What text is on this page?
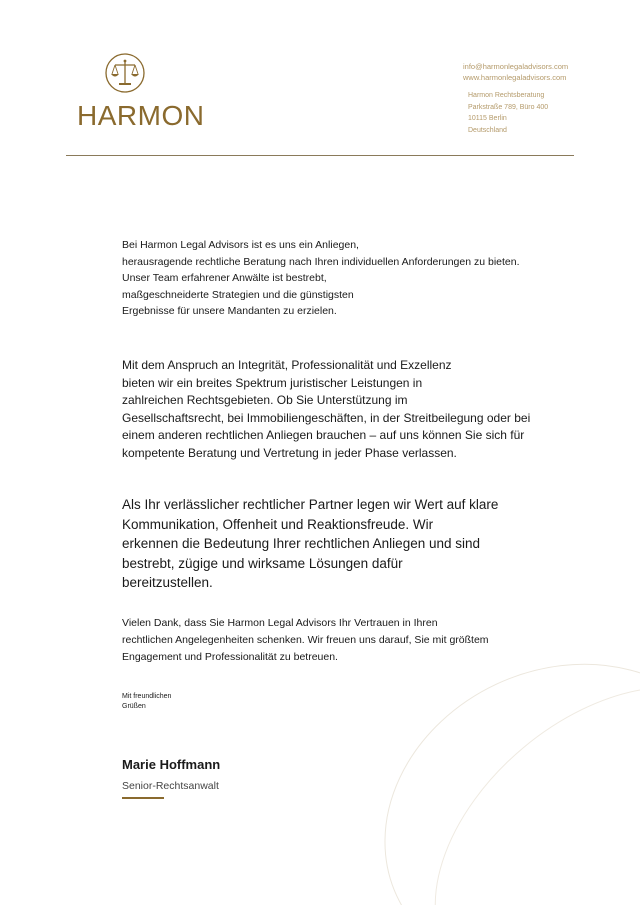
HARMON
info@harmonlegaladvisors.com
www.harmonlegaladvisors.com
Harmon Rechtsberatung
Parkstraße 789, Büro 400
10115 Berlin
Deutschland
Bei Harmon Legal Advisors ist es uns ein Anliegen,
herausragende rechtliche Beratung nach Ihren individuellen Anforderungen zu bieten.
Unser Team erfahrener Anwälte ist bestrebt,
maßgeschneiderte Strategien und die günstigsten
Ergebnisse für unsere Mandanten zu erzielen.
Mit dem Anspruch an Integrität, Professionalität und Exzellenz
bieten wir ein breites Spektrum juristischer Leistungen in
zahlreichen Rechtsgebieten. Ob Sie Unterstützung im
Gesellschaftsrecht, bei Immobiliengeschäften, in der Streitbeilegung oder bei
einem anderen rechtlichen Anliegen brauchen – auf uns können Sie sich für
kompetente Beratung und Vertretung in jeder Phase verlassen.
Als Ihr verlässlicher rechtlicher Partner legen wir Wert auf klare
Kommunikation, Offenheit und Reaktionsfreude. Wir
erkennen die Bedeutung Ihrer rechtlichen Anliegen und sind
bestrebt, zügige und wirksame Lösungen dafür
bereitzustellen.
Vielen Dank, dass Sie Harmon Legal Advisors Ihr Vertrauen in Ihren
rechtlichen Angelegenheiten schenken. Wir freuen uns darauf, Sie mit größtem
Engagement und Professionalität zu betreuen.
Mit freundlichen
Grüßen
Marie Hoffmann
Senior-Rechtsanwalt
